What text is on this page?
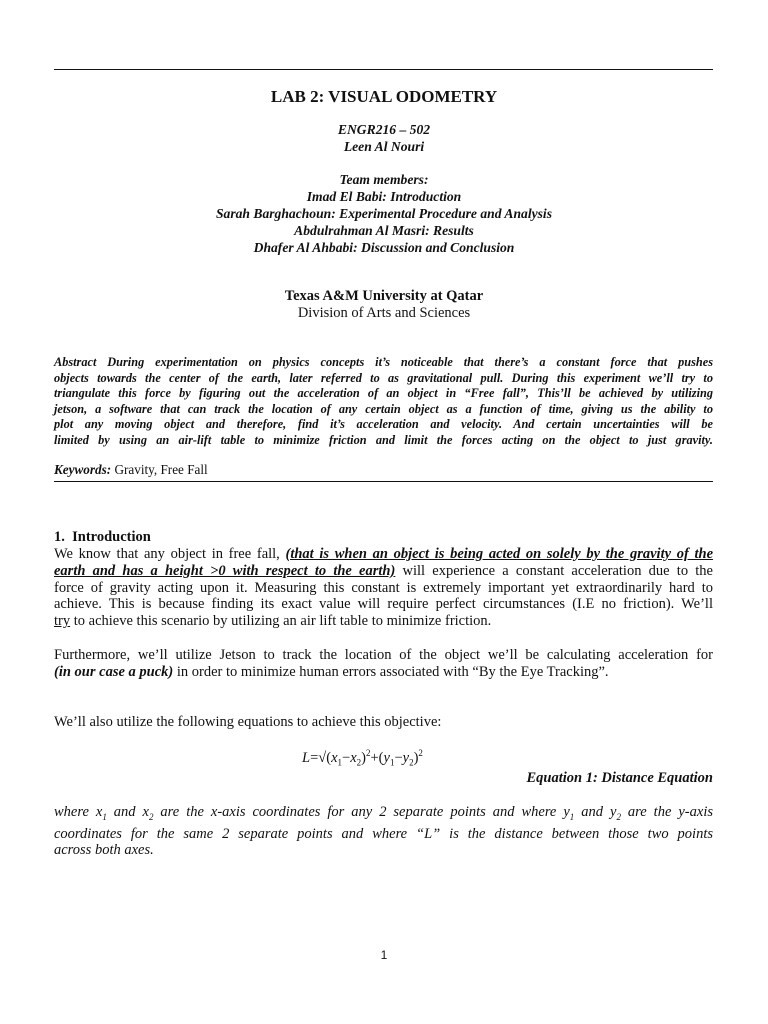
LAB 2: VISUAL ODOMETRY
ENGR216 – 502
Leen Al Nouri
Team members:
Imad El Babi: Introduction
Sarah Barghachoun: Experimental Procedure and Analysis
Abdulrahman Al Masri: Results
Dhafer Al Ahbabi: Discussion and Conclusion
Texas A&M University at Qatar
Division of Arts and Sciences
Abstract During experimentation on physics concepts it’s noticeable that there’s a constant force that pushes
objects towards the center of the earth, later referred to as gravitational pull. During this experiment we’ll try to
triangulate this force by figuring out the acceleration of an object in “Free fall”, This’ll be achieved by utilizing
jetson, a software that can track the location of any certain object as a function of time, giving us the ability to
plot any moving object and therefore, find it’s acceleration and velocity. And certain uncertainties will be
limited by using an air-lift table to minimize friction and limit the forces acting on the object to just gravity.
Keywords: Gravity, Free Fall
1. Introduction
We know that any object in free fall, (that is when an object is being acted on solely by the gravity of the
earth and has a height >0 with respect to the earth) will experience a constant acceleration due to the
force of gravity acting upon it. Measuring this constant is extremely important yet extraordinarily hard to
achieve. This is because finding its exact value will require perfect circumstances (I.E no friction). We’ll
try to achieve this scenario by utilizing an air lift table to minimize friction.
Furthermore, we’ll utilize Jetson to track the location of the object we’ll be calculating acceleration for
(in our case a puck) in order to minimize human errors associated with “By the Eye Tracking”.
We’ll also utilize the following equations to achieve this objective:
$L=√(x_1-x_2)^2+(y_1-y_2)^2$
Equation 1: Distance Equation
where $x_1$ and $x_2$ are the x-axis coordinates for any 2 separate points and where $y_1$ and $y_2$ are the y-axis
coordinates for the same 2 separate points and where “L” is the distance between those two points
across both axes.
1
